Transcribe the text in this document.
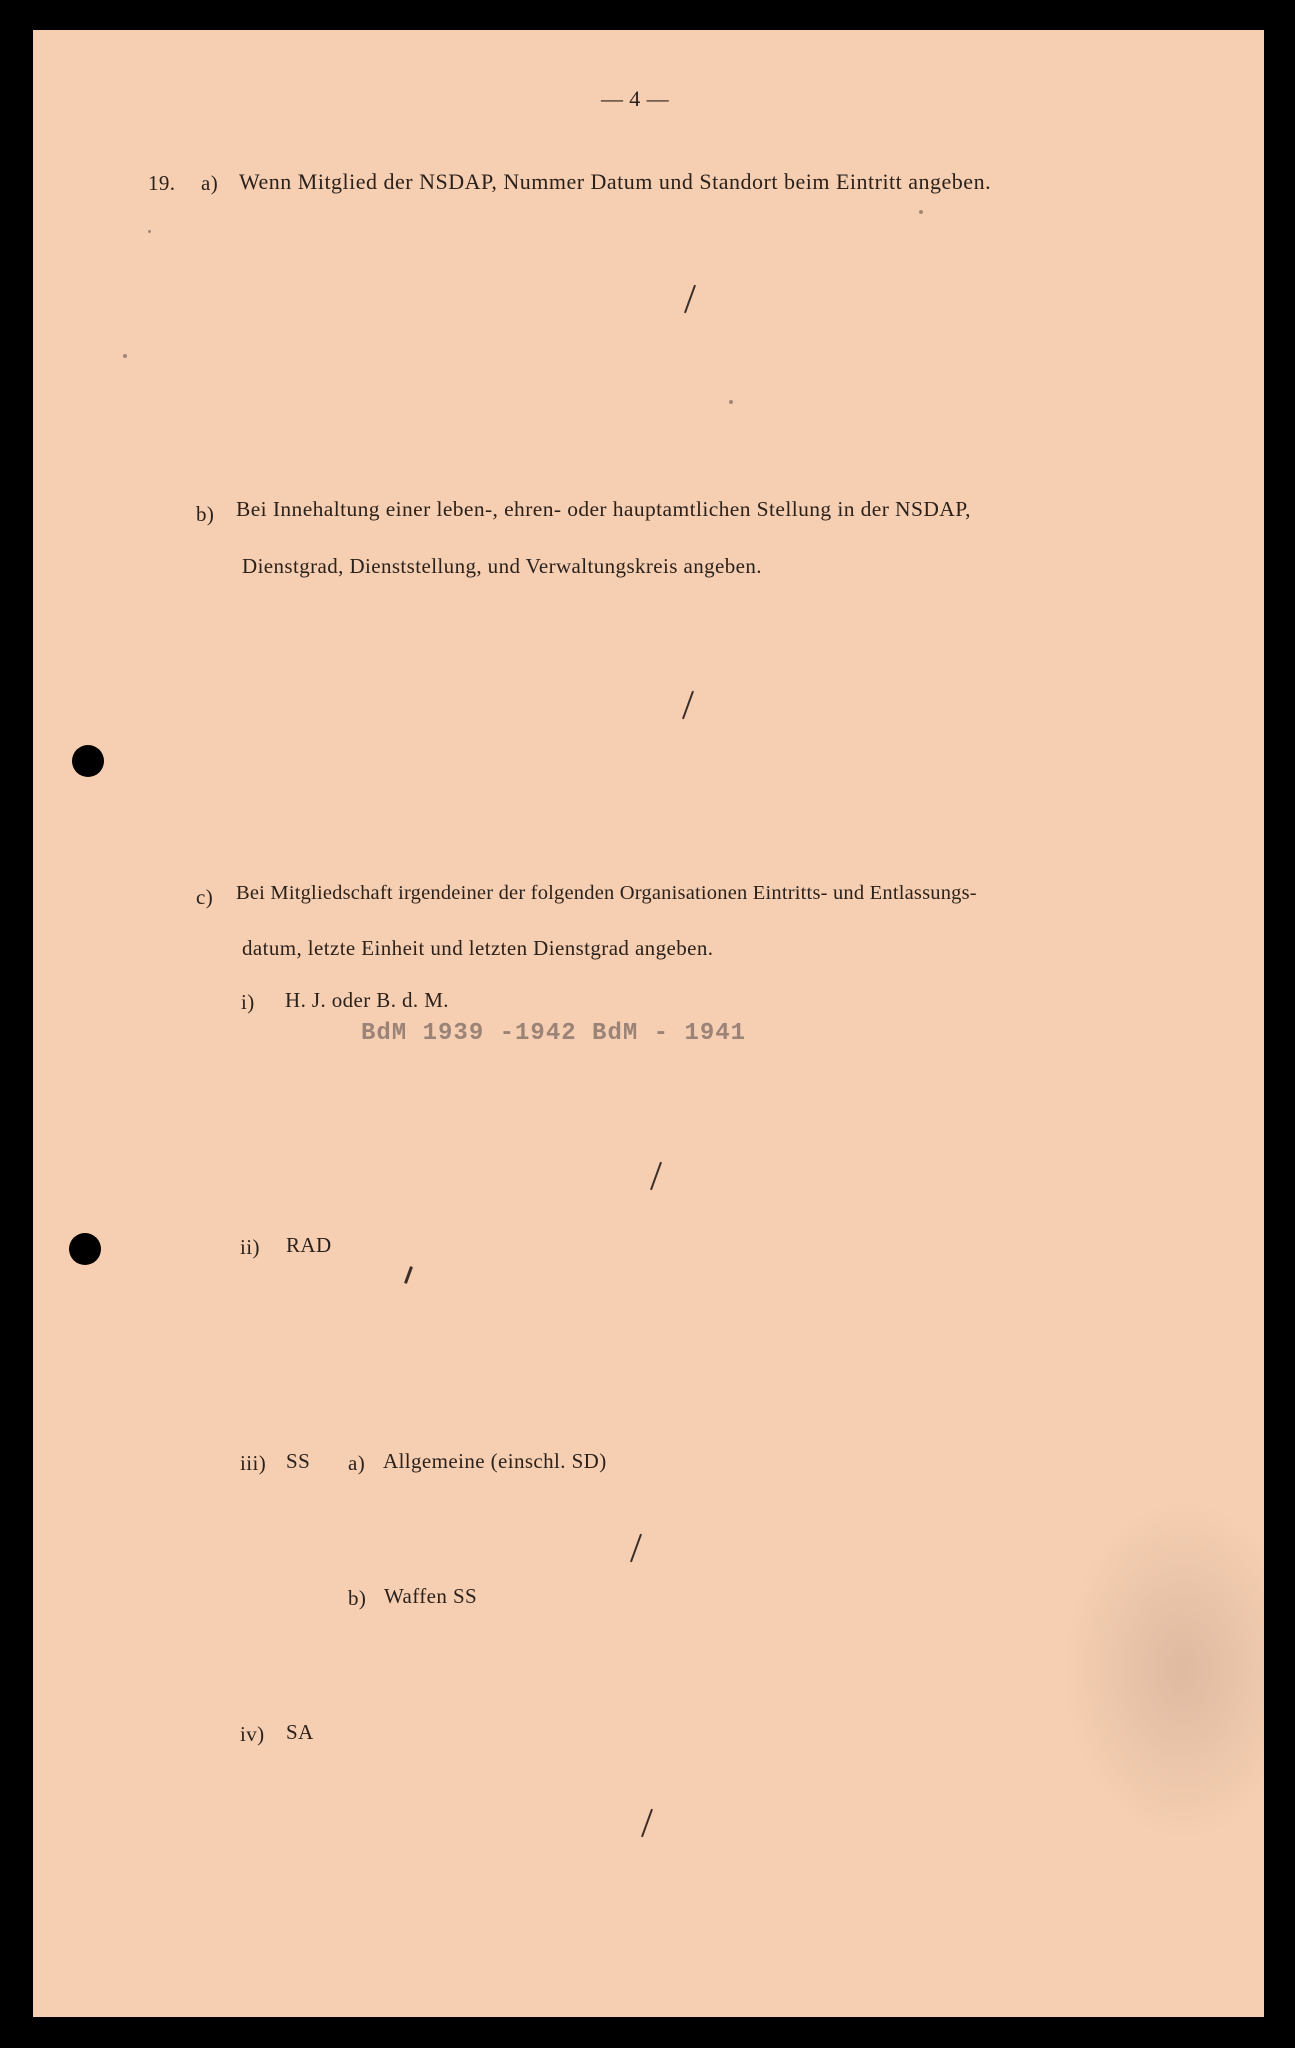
— 4 —
19. a) Wenn Mitglied der NSDAP, Nummer Datum und Standort beim Eintritt angeben.
b) Bei Innehaltung einer leben-, ehren- oder hauptamtlichen Stellung in der NSDAP,
Dienstgrad, Dienststellung, und Verwaltungskreis angeben.
c) Bei Mitgliedschaft irgendeiner der folgenden Organisationen Eintritts- und Entlassungs-
datum, letzte Einheit und letzten Dienstgrad angeben.
i) H. J. oder B. d. M.
BdM 1939 -1942 BdM - 1941
ii) RAD
iii) SS a) Allgemeine (einschl. SD)
b) Waffen SS
iv) SA
